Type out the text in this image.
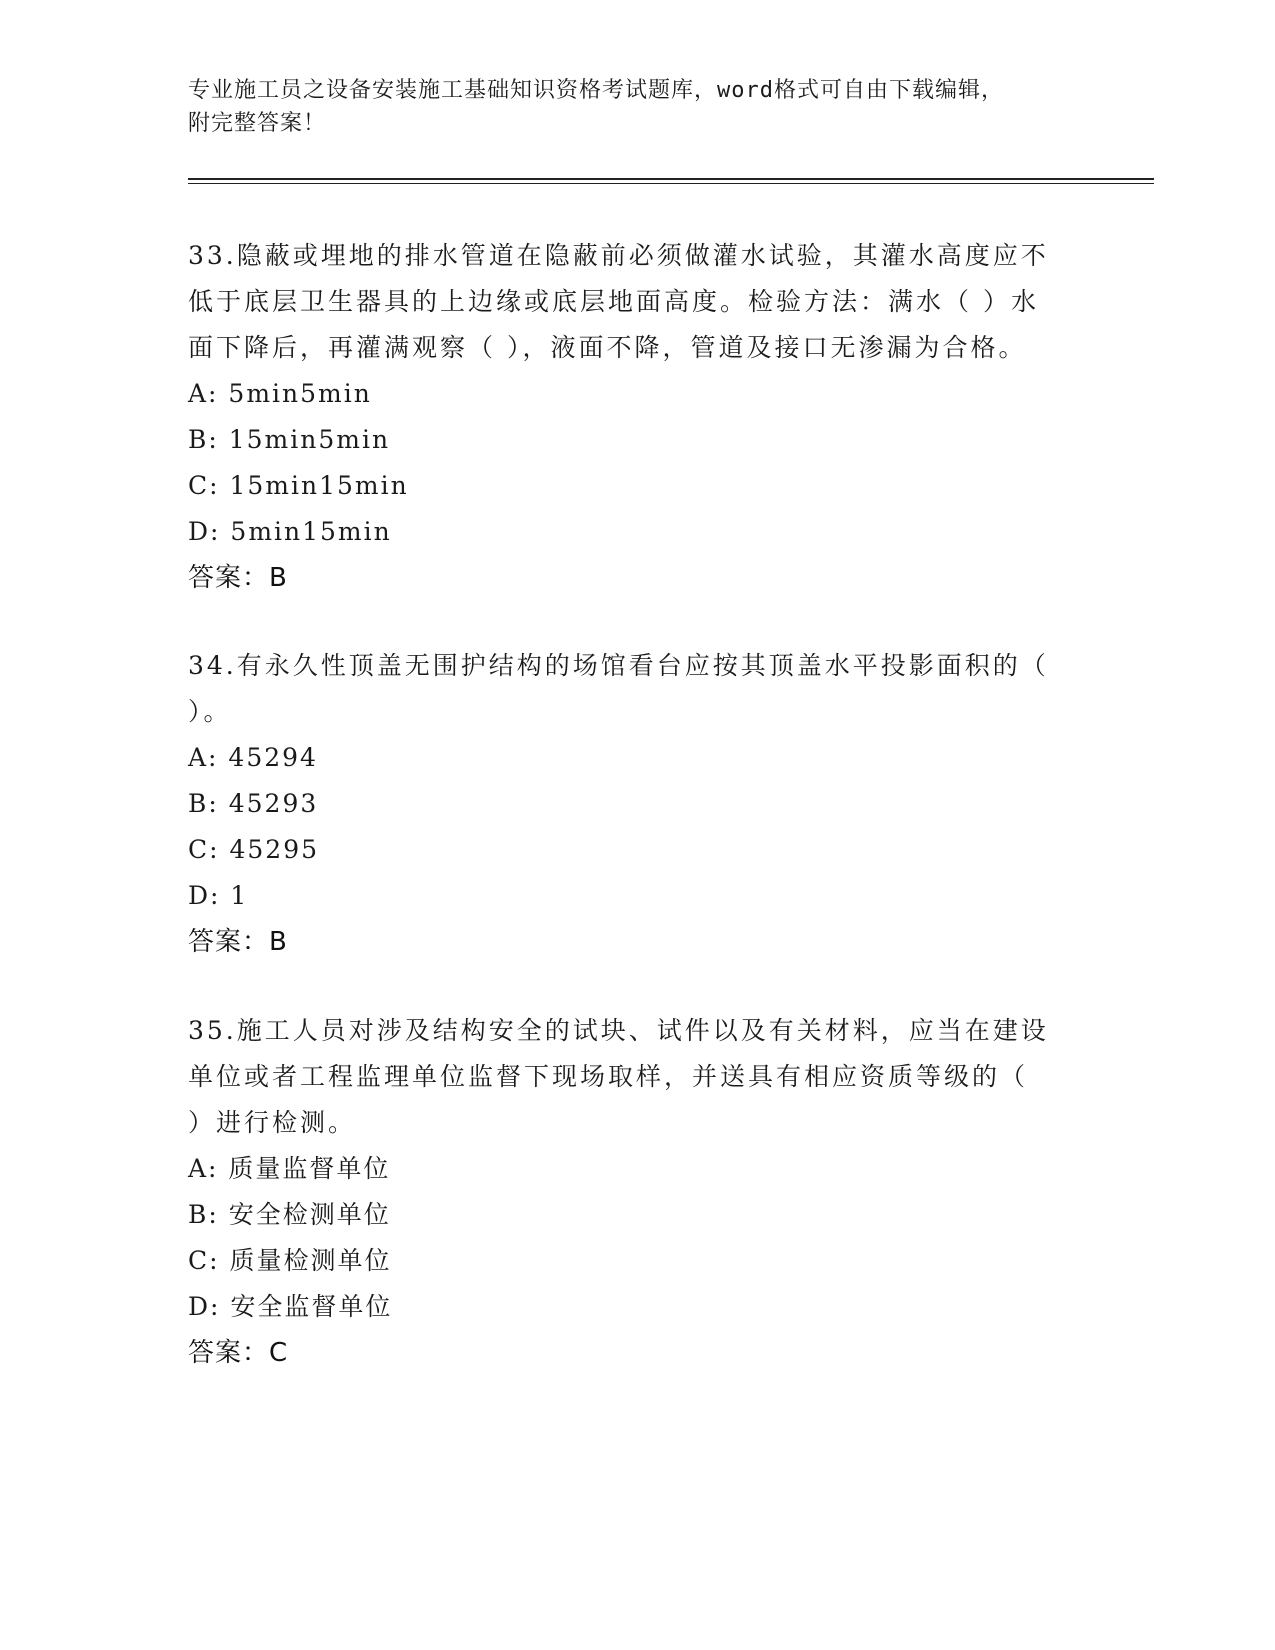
专业施工员之设备安装施工基础知识资格考试题库，word格式可自由下载编辑，
附完整答案！
33.隐蔽或埋地的排水管道在隐蔽前必须做灌水试验，其灌水高度应不
低于底层卫生器具的上边缘或底层地面高度。检验方法：满水（ ）水
面下降后，再灌满观察（ ），液面不降，管道及接口无渗漏为合格。
A: 5min5min
B: 15min5min
C: 15min15min
D: 5min15min
答案：B
34.有永久性顶盖无围护结构的场馆看台应按其顶盖水平投影面积的（
）。
A: 45294
B: 45293
C: 45295
D: 1
答案：B
35.施工人员对涉及结构安全的试块、试件以及有关材料，应当在建设
单位或者工程监理单位监督下现场取样，并送具有相应资质等级的（
）进行检测。
A: 质量监督单位
B: 安全检测单位
C: 质量检测单位
D: 安全监督单位
答案：C
